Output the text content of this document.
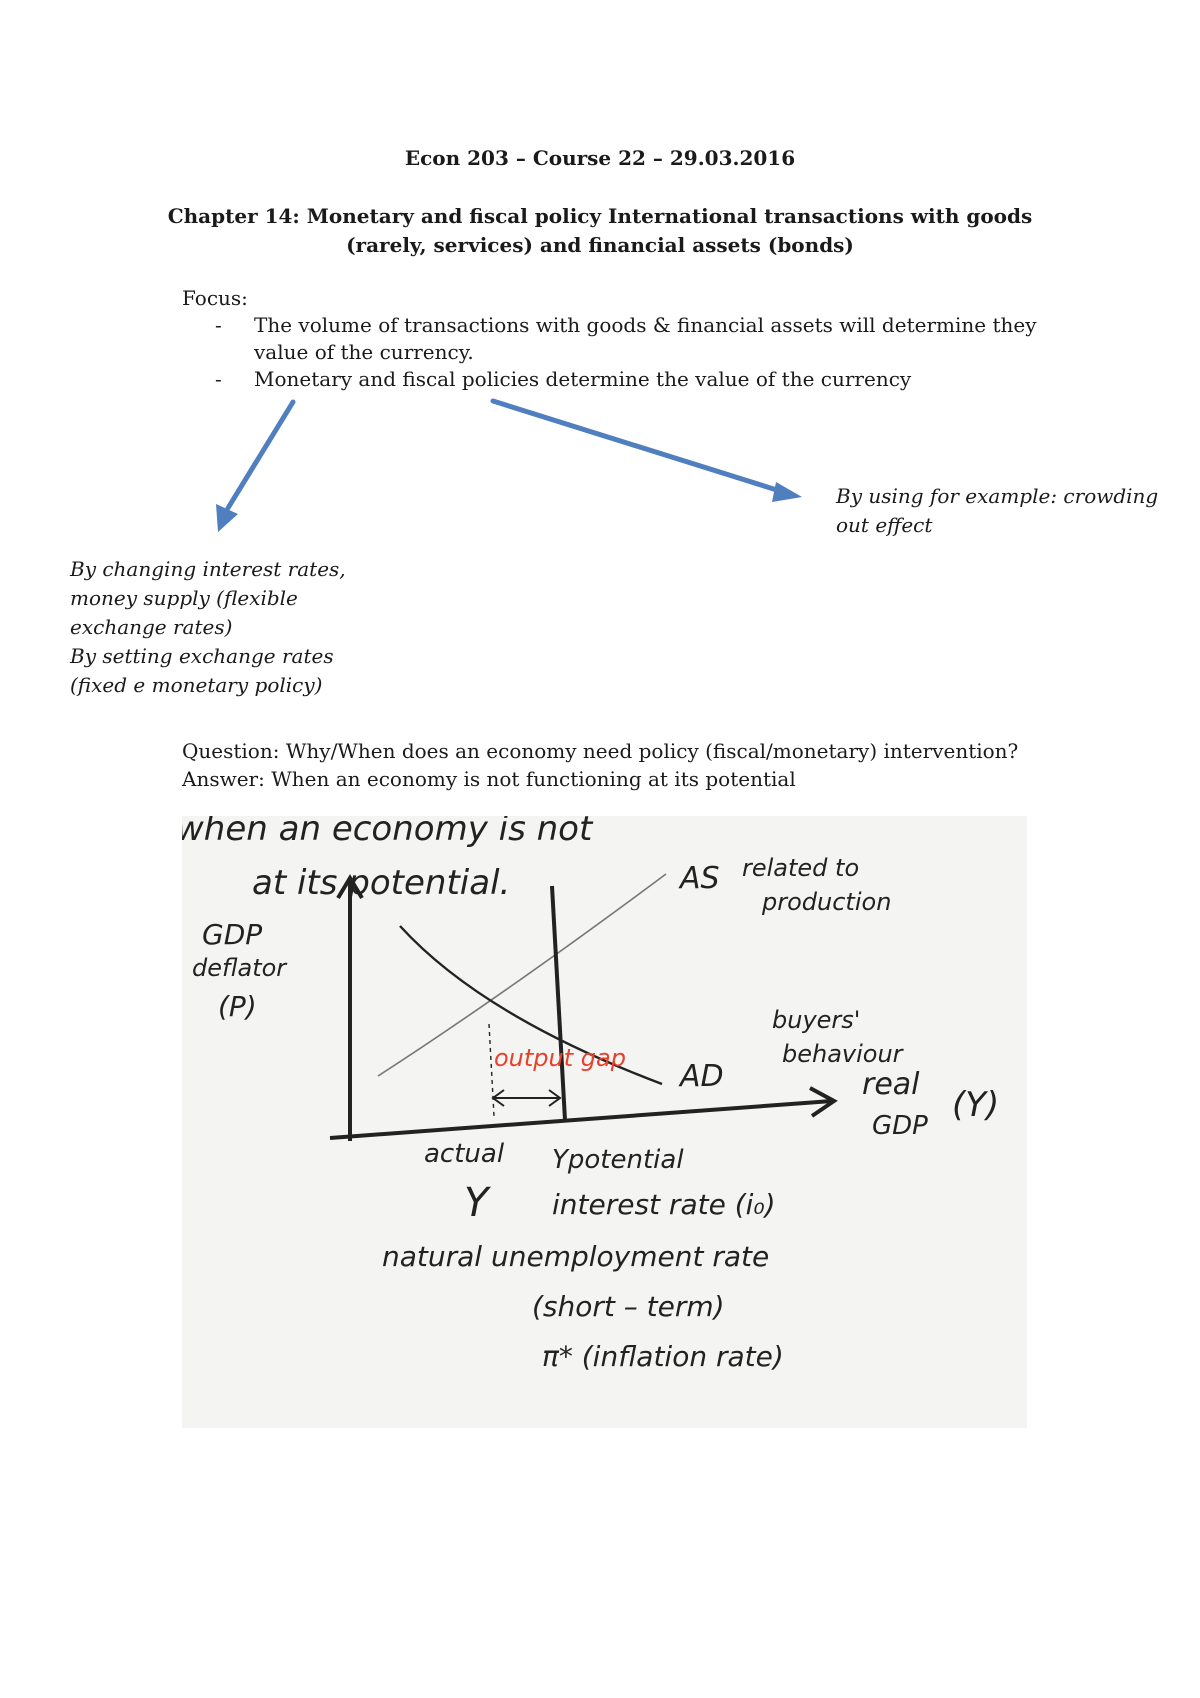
Econ 203 – Course 22 – 29.03.2016
Chapter 14: Monetary and fiscal policy International transactions with goods
(rarely, services) and financial assets (bonds)
Focus:
- The volume of transactions with goods & financial assets will determine they
value of the currency.
- Monetary and fiscal policies determine the value of the currency
By using for example: crowding
out effect
By changing interest rates,
money supply (flexible
exchange rates)
By setting exchange rates
(fixed e monetary policy)
Question: Why/When does an economy need policy (fiscal/monetary) intervention?
Answer: When an economy is not functioning at its potential
when an economy is not
at its potential.
GDP
deflator
(P)
AS related to
production
AD
buyers'
behaviour
real
GDP
(Y)
actual
Y
Ypotential
interest rate (i₀)
natural unemployment rate
(short – term)
π* (inflation rate)
output gap
